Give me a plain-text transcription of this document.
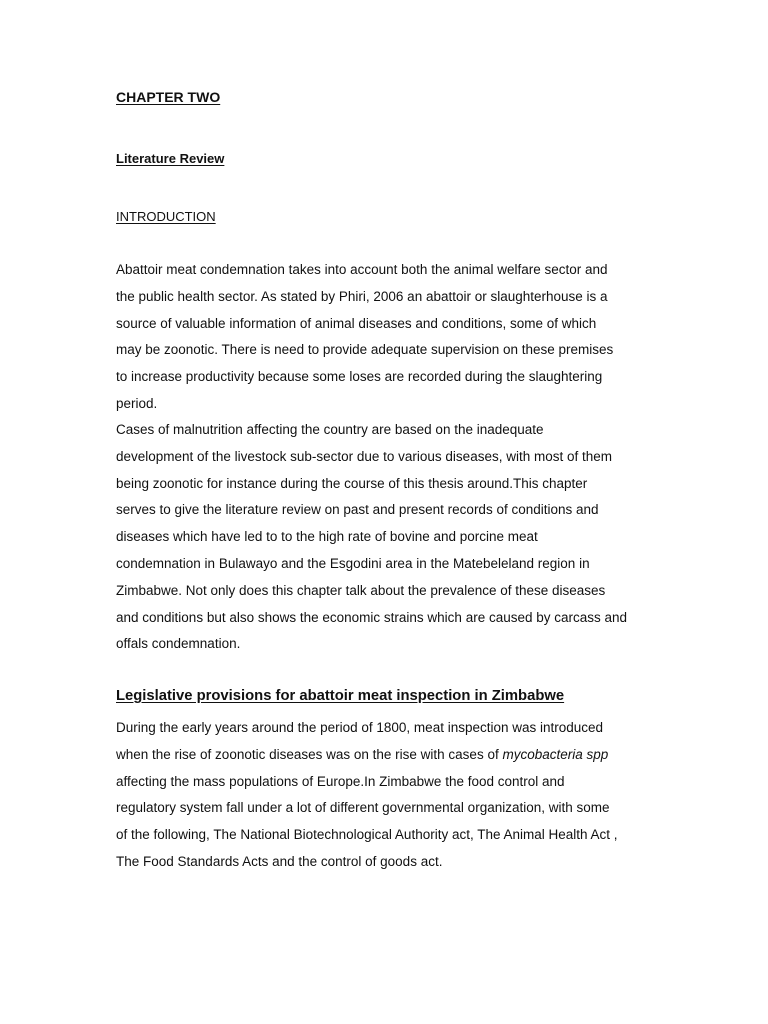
CHAPTER TWO
Literature Review
INTRODUCTION

Abattoir meat condemnation takes into account both the animal welfare sector and
the public health sector. As stated by Phiri, 2006 an abattoir or slaughterhouse is a
source of valuable information of animal diseases and conditions, some of which
may be zoonotic. There is need to provide adequate supervision on these premises
to increase productivity because some loses are recorded during the slaughtering
period.

Cases of malnutrition affecting the country are based on the inadequate
development of the livestock sub-sector due to various diseases, with most of them
being zoonotic for instance during the course of this thesis around.This chapter
serves to give the literature review on past and present records of conditions and
diseases which have led to to the high rate of bovine and porcine meat
condemnation in Bulawayo and the Esgodini area in the Matebeleland region in
Zimbabwe. Not only does this chapter talk about the prevalence of these diseases
and conditions but also shows the economic strains which are caused by carcass and
offals condemnation.

Legislative provisions for abattoir meat inspection in Zimbabwe

During the early years around the period of 1800, meat inspection was introduced
when the rise of zoonotic diseases was on the rise with cases of mycobacteria spp
affecting the mass populations of Europe.In Zimbabwe the food control and
regulatory system fall under a lot of different governmental organization, with some
of the following, The National Biotechnological Authority act, The Animal Health Act ,
The Food Standards Acts and the control of goods act.
